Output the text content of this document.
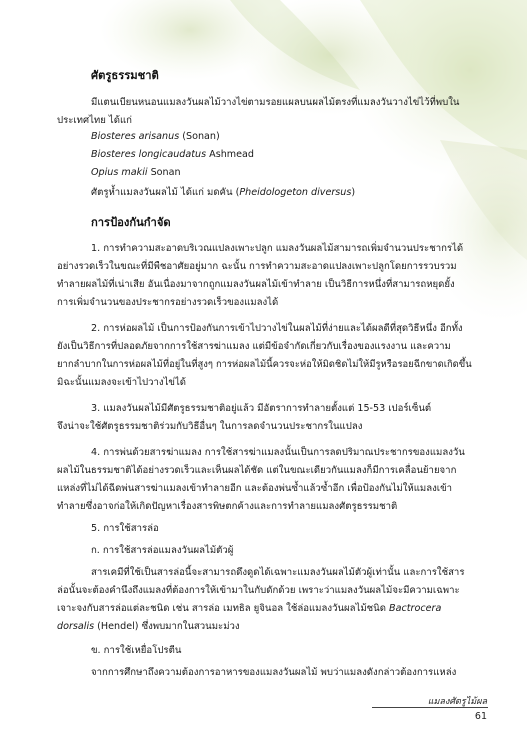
ศัตรูธรรมชาติ
มีแตนเบียนหนอนแมลงวันผลไม้วางไข่ตามรอยแผลบนผลไม้ตรงที่แมลงวันวางไข่ไว้ที่พบใน
ประเทศไทย ได้แก่
Biosteres arisanus (Sonan)
Biosteres longicaudatus Ashmead
Opius makii Sonan
ศัตรูห้ำแมลงวันผลไม้ ได้แก่ มดคัน (Pheidologeton diversus)
การป้องกันกำจัด
1. การทำความสะอาดบริเวณแปลงเพาะปลูก แมลงวันผลไม้สามารถเพิ่มจำนวนประชากรได้
อย่างรวดเร็วในขณะที่มีพืชอาศัยอยู่มาก ฉะนั้น การทำความสะอาดแปลงเพาะปลูกโดยการรวบรวม
ทำลายผลไม้ที่เน่าเสีย อันเนื่องมาจากถูกแมลงวันผลไม้เข้าทำลาย เป็นวิธีการหนึ่งที่สามารถหยุดยั้ง
การเพิ่มจำนวนของประชากรอย่างรวดเร็วของแมลงได้
2. การห่อผลไม้ เป็นการป้องกันการเข้าไปวางไข่ในผลไม้ที่ง่ายและได้ผลดีที่สุดวิธีหนึ่ง อีกทั้ง
ยังเป็นวิธีการที่ปลอดภัยจากการใช้สารฆ่าแมลง แต่มีข้อจำกัดเกี่ยวกับเรื่องของแรงงาน และความ
ยากลำบากในการห่อผลไม้ที่อยู่ในที่สูงๆ การห่อผลไม้นี้ควรจะห่อให้มิดชิดไม่ให้มีรูหรือรอยฉีกขาดเกิดขึ้น
มิฉะนั้นแมลงจะเข้าไปวางไข่ได้
3. แมลงวันผลไม้มีศัตรูธรรมชาติอยู่แล้ว มีอัตราการทำลายตั้งแต่ 15-53 เปอร์เซ็นต์
จึงน่าจะใช้ศัตรูธรรมชาติร่วมกับวิธีอื่นๆ ในการลดจำนวนประชากรในแปลง
4. การพ่นด้วยสารฆ่าแมลง การใช้สารฆ่าแมลงนั้นเป็นการลดปริมาณประชากรของแมลงวัน
ผลไม้ในธรรมชาติได้อย่างรวดเร็วและเห็นผลได้ชัด แต่ในขณะเดียวกันแมลงก็มีการเคลื่อนย้ายจาก
แหล่งที่ไม่ได้ฉีดพ่นสารฆ่าแมลงเข้าทำลายอีก และต้องพ่นซ้ำแล้วซ้ำอีก เพื่อป้องกันไม่ให้แมลงเข้า
ทำลายซึ่งอาจก่อให้เกิดปัญหาเรื่องสารพิษตกค้างและการทำลายแมลงศัตรูธรรมชาติ
5. การใช้สารล่อ
ก. การใช้สารล่อแมลงวันผลไม้ตัวผู้
สารเคมีที่ใช้เป็นสารล่อนี้จะสามารถดึงดูดได้เฉพาะแมลงวันผลไม้ตัวผู้เท่านั้น และการใช้สาร
ล่อนั้นจะต้องคำนึงถึงแมลงที่ต้องการให้เข้ามาในกับดักด้วย เพราะว่าแมลงวันผลไม้จะมีความเฉพาะ
เจาะจงกับสารล่อแต่ละชนิด เช่น สารล่อ เมทธิล ยูจินอล ใช้ล่อแมลงวันผลไม้ชนิด Bactrocera
dorsalis (Hendel) ซึ่งพบมากในสวนมะม่วง
ข. การใช้เหยื่อโปรตีน
จากการศึกษาถึงความต้องการอาหารของแมลงวันผลไม้ พบว่าแมลงดังกล่าวต้องการแหล่ง
แมลงศัตรูไม้ผล
61
